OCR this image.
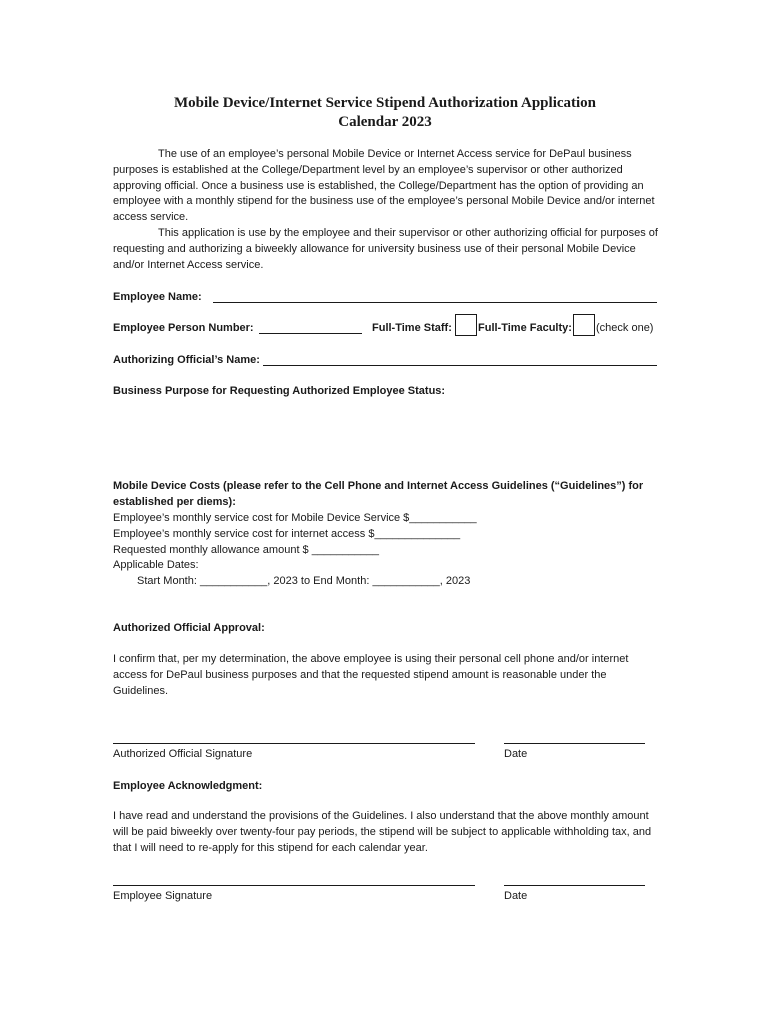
Mobile Device/Internet Service Stipend Authorization Application
Calendar 2023
The use of an employee’s personal Mobile Device or Internet Access service for DePaul business purposes is established at the College/Department level by an employee’s supervisor or other authorized approving official. Once a business use is established, the College/Department has the option of providing an employee with a monthly stipend for the business use of the employee’s personal Mobile Device and/or internet access service.
This application is use by the employee and their supervisor or other authorizing official for purposes of requesting and authorizing a biweekly allowance for university business use of their personal Mobile Device and/or Internet Access service.
Employee Name:
Employee Person Number:	Full-Time Staff: Full-Time Faculty: (check one)
Authorizing Official’s Name:
Business Purpose for Requesting Authorized Employee Status:
Mobile Device Costs (please refer to the Cell Phone and Internet Access Guidelines (“Guidelines”) for
established per diems):
Employee’s monthly service cost for Mobile Device Service $___________
Employee’s monthly service cost for internet access $______________
Requested monthly allowance amount $ ___________
Applicable Dates:
Start Month: ___________, 2023 to End Month: ___________, 2023
Authorized Official Approval:
I confirm that, per my determination, the above employee is using their personal cell phone and/or internet access for DePaul business purposes and that the requested stipend amount is reasonable under the Guidelines.
Authorized Official Signature	Date
Employee Acknowledgment:
I have read and understand the provisions of the Guidelines. I also understand that the above monthly amount will be paid biweekly over twenty-four pay periods, the stipend will be subject to applicable withholding tax, and that I will need to re-apply for this stipend for each calendar year.
Employee Signature	Date
